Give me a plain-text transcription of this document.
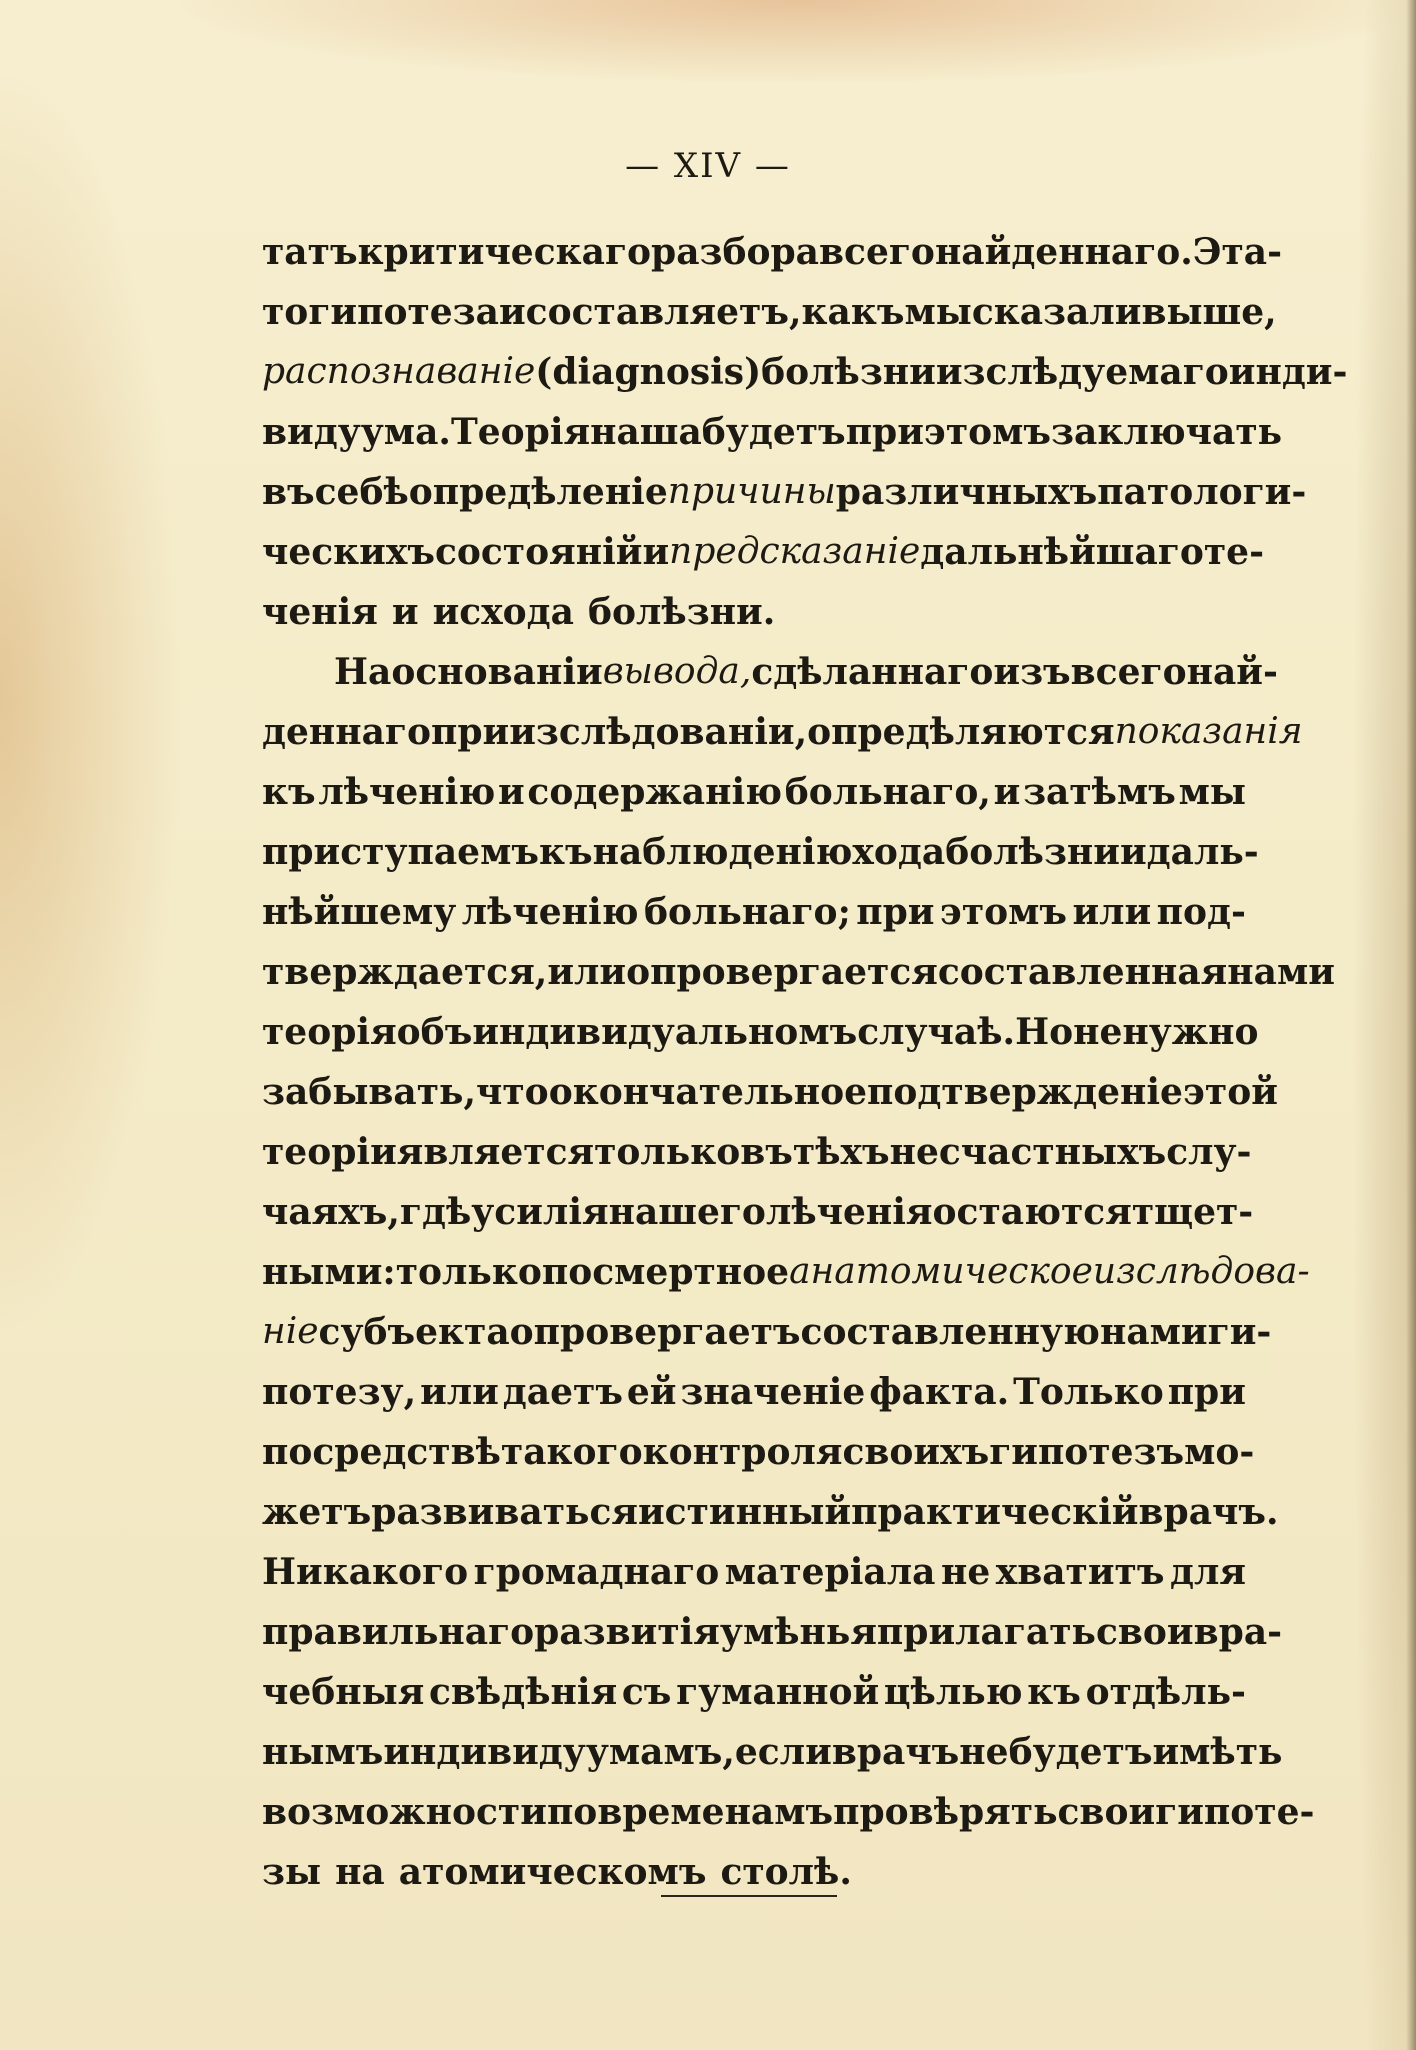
— XIV —
татъ критическаго разбора всего найденнаго. Эта-
то гипотеза и составляетъ, какъ мы сказали выше,
распознаваніе (diagnosis) болѣзни изслѣдуемаго инди-
видуума. Теорія наша будетъ при этомъ заключать
въ себѣ опредѣленіе причины различныхъ патологи-
ческихъ состояній и предсказаніе дальнѣйшаго те-
ченія и исхода болѣзни.
На основаніи вывода, сдѣланнаго изъ всего най-
деннаго при изслѣдованіи, опредѣляются показанія
къ лѣченію и содержанію больнаго, и затѣмъ мы
приступаемъ къ наблюденію хода болѣзни и даль-
нѣйшему лѣченію больнаго; при этомъ или под-
тверждается, или опровергается составленная нами
теорія объ индивидуальномъ случаѣ. Но не нужно
забывать, что окончательное подтвержденіе этой
теоріи является только въ тѣхъ несчастныхъ слу-
чаяхъ, гдѣ усилія нашего лѣченія остаются тщет-
ными: только посмертное анатомическое изслѣдова-
ніе субъекта опровергаетъ составленную нами ги-
потезу, или даетъ ей значеніе факта. Только при
посредствѣ такого контроля своихъ гипотезъ мо-
жетъ развиваться истинный практическій врачъ.
Никакого громаднаго матеріала не хватитъ для
правильнаго развитія умѣнья прилагать свои вра-
чебныя свѣдѣнія съ гуманной цѣлью къ отдѣль-
нымъ индивидуумамъ, если врачъ не будетъ имѣть
возможности по временамъ провѣрять свои гипоте-
зы на атомическомъ столѣ.
